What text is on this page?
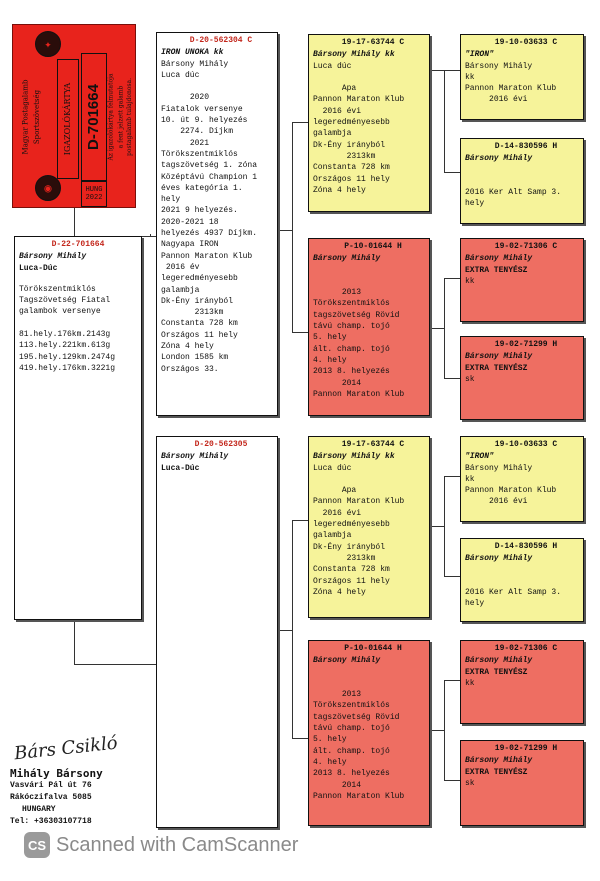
✦
◉
Magyar Postagalamb Sportszövetség	IGAZOLÓKÁRTYA D-701664
HUNG
2022
Az igazolókártya felmutatója a fent jelzett galamb postagalamb tulajdonosa.
D-22-701664
Bársony Mihály
Luca-Dúc
Törökszentmiklós
Tagszövetség Fiatal
galambok versenye

81.hely.176km.2143g
113.hely.221km.613g
195.hely.129km.2474g
419.hely.176km.3221g
D-20-562304 C
IRON UNOKA kk
Bársony Mihály
Luca dúc

2020
Fiatalok versenye
10. út 9. helyezés
2274. Díjkm
2021
Törökszentmiklós
tagszövetség 1. zóna
Középtávú Champion 1
éves kategória 1.
hely
2021 9 helyezés.
2020-2021 18
helyezés 4937 Díjkm.
Nagyapa IRON
Pannon Maraton Klub
2016 év
legeredményesebb
galambja
Dk-Ény irányból
2313km
Constanta 728 km
Országos 11 hely
Zóna 4 hely
London 1585 km
Országos 33.
D-20-562305
Bársony Mihály
Luca-Dúc
19-17-63744 C
Bársony Mihály kk
Luca dúc

Apa
Pannon Maraton Klub
2016 évi
legeredményesebb
galambja
Dk-Ény irányból
2313km
Constanta 728 km
Országos 11 hely
Zóna 4 hely
P-10-01644 H
Bársony Mihály

2013
Törökszentmiklós
tagszövetség Rövid
távú champ. tojó
5. hely
ált. champ. tojó
4. hely
2013 8. helyezés
2014
Pannon Maraton Klub
19-17-63744 C
Bársony Mihály kk
Luca dúc

Apa
Pannon Maraton Klub
2016 évi
legeredményesebb
galambja
Dk-Ény irányból
2313km
Constanta 728 km
Országos 11 hely
Zóna 4 hely
P-10-01644 H
Bársony Mihály

2013
Törökszentmiklós
tagszövetség Rövid
távú champ. tojó
5. hely
ált. champ. tojó
4. hely
2013 8. helyezés
2014
Pannon Maraton Klub
19-10-03633 C
"IRON"
Bársony Mihály
kk
Pannon Maraton Klub
2016 évi
D-14-830596 H
Bársony Mihály

2016 Ker Alt Samp 3.
hely
19-02-71306 C
Bársony Mihály
EXTRA TENYÉSZ
kk
19-02-71299 H
Bársony Mihály
EXTRA TENYÉSZ
sk
19-10-03633 C
"IRON"
Bársony Mihály
kk
Pannon Maraton Klub
2016 évi
D-14-830596 H
Bársony Mihály

2016 Ker Alt Samp 3.
hely
19-02-71306 C
Bársony Mihály
EXTRA TENYÉSZ
kk
19-02-71299 H
Bársony Mihály
EXTRA TENYÉSZ
sk
Bárs Csikló
Mihály Bársony
Vasvári Pál út 76
Rákóczifalva 5085
HUNGARY
Tel: +36303107718
CS Scanned with CamScanner
